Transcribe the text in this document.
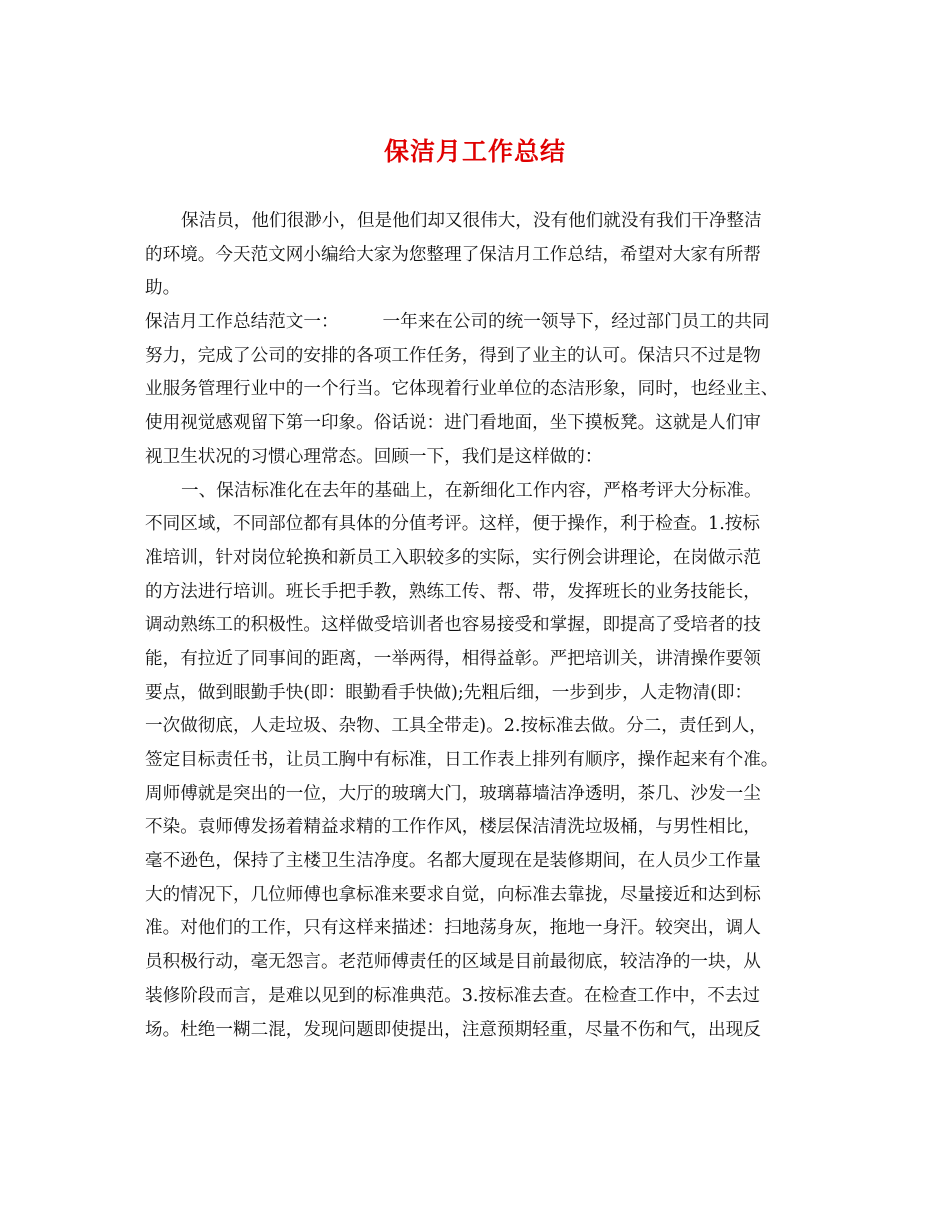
保洁月工作总结
保洁员，他们很渺小，但是他们却又很伟大，没有他们就没有我们干净整洁
的环境。今天范文网小编给大家为您整理了保洁月工作总结，希望对大家有所帮
助。
保洁月工作总结范文一：　　　一年来在公司的统一领导下，经过部门员工的共同
努力，完成了公司的安排的各项工作任务，得到了业主的认可。保洁只不过是物
业服务管理行业中的一个行当。它体现着行业单位的态洁形象，同时，也经业主、
使用视觉感观留下第一印象。俗话说：进门看地面，坐下摸板凳。这就是人们审
视卫生状况的习惯心理常态。回顾一下，我们是这样做的：
一、保洁标准化在去年的基础上，在新细化工作内容，严格考评大分标准。
不同区域，不同部位都有具体的分值考评。这样，便于操作，利于检查。1.按标
准培训，针对岗位轮换和新员工入职较多的实际，实行例会讲理论，在岗做示范
的方法进行培训。班长手把手教，熟练工传、帮、带，发挥班长的业务技能长，
调动熟练工的积极性。这样做受培训者也容易接受和掌握，即提高了受培者的技
能，有拉近了同事间的距离，一举两得，相得益彰。严把培训关，讲清操作要领
要点，做到眼勤手快(即：眼勤看手快做);先粗后细，一步到步，人走物清(即：
一次做彻底，人走垃圾、杂物、工具全带走)。2.按标准去做。分二，责任到人，
签定目标责任书，让员工胸中有标准，日工作表上排列有顺序，操作起来有个准。
周师傅就是突出的一位，大厅的玻璃大门，玻璃幕墙洁净透明，茶几、沙发一尘
不染。袁师傅发扬着精益求精的工作作风，楼层保洁清洗垃圾桶，与男性相比，
毫不逊色，保持了主楼卫生洁净度。名都大厦现在是装修期间，在人员少工作量
大的情况下，几位师傅也拿标准来要求自觉，向标准去靠拢，尽量接近和达到标
准。对他们的工作，只有这样来描述：扫地荡身灰，拖地一身汗。较突出，调人
员积极行动，毫无怨言。老范师傅责任的区域是目前最彻底，较洁净的一块，从
装修阶段而言，是难以见到的标准典范。3.按标准去查。在检查工作中，不去过
场。杜绝一糊二混，发现问题即使提出，注意预期轻重，尽量不伤和气，出现反
